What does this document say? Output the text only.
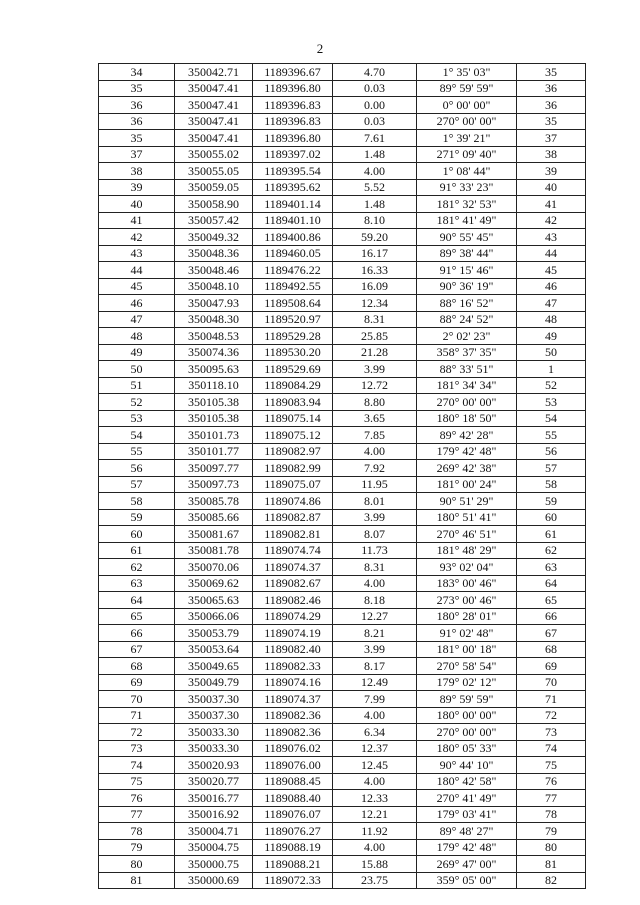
2
34	350042.71	1189396.67	4.70	1° 35' 03"	35
35	350047.41	1189396.80	0.03	89° 59' 59"	36
36	350047.41	1189396.83	0.00	0° 00' 00"	36
36	350047.41	1189396.83	0.03	270° 00' 00"	35
35	350047.41	1189396.80	7.61	1° 39' 21"	37
37	350055.02	1189397.02	1.48	271° 09' 40"	38
38	350055.05	1189395.54	4.00	1° 08' 44"	39
39	350059.05	1189395.62	5.52	91° 33' 23"	40
40	350058.90	1189401.14	1.48	181° 32' 53"	41
41	350057.42	1189401.10	8.10	181° 41' 49"	42
42	350049.32	1189400.86	59.20	90° 55' 45"	43
43	350048.36	1189460.05	16.17	89° 38' 44"	44
44	350048.46	1189476.22	16.33	91° 15' 46"	45
45	350048.10	1189492.55	16.09	90° 36' 19"	46
46	350047.93	1189508.64	12.34	88° 16' 52"	47
47	350048.30	1189520.97	8.31	88° 24' 52"	48
48	350048.53	1189529.28	25.85	2° 02' 23"	49
49	350074.36	1189530.20	21.28	358° 37' 35"	50
50	350095.63	1189529.69	3.99	88° 33' 51"	1
51	350118.10	1189084.29	12.72	181° 34' 34"	52
52	350105.38	1189083.94	8.80	270° 00' 00"	53
53	350105.38	1189075.14	3.65	180° 18' 50"	54
54	350101.73	1189075.12	7.85	89° 42' 28"	55
55	350101.77	1189082.97	4.00	179° 42' 48"	56
56	350097.77	1189082.99	7.92	269° 42' 38"	57
57	350097.73	1189075.07	11.95	181° 00' 24"	58
58	350085.78	1189074.86	8.01	90° 51' 29"	59
59	350085.66	1189082.87	3.99	180° 51' 41"	60
60	350081.67	1189082.81	8.07	270° 46' 51"	61
61	350081.78	1189074.74	11.73	181° 48' 29"	62
62	350070.06	1189074.37	8.31	93° 02' 04"	63
63	350069.62	1189082.67	4.00	183° 00' 46"	64
64	350065.63	1189082.46	8.18	273° 00' 46"	65
65	350066.06	1189074.29	12.27	180° 28' 01"	66
66	350053.79	1189074.19	8.21	91° 02' 48"	67
67	350053.64	1189082.40	3.99	181° 00' 18"	68
68	350049.65	1189082.33	8.17	270° 58' 54"	69
69	350049.79	1189074.16	12.49	179° 02' 12"	70
70	350037.30	1189074.37	7.99	89° 59' 59"	71
71	350037.30	1189082.36	4.00	180° 00' 00"	72
72	350033.30	1189082.36	6.34	270° 00' 00"	73
73	350033.30	1189076.02	12.37	180° 05' 33"	74
74	350020.93	1189076.00	12.45	90° 44' 10"	75
75	350020.77	1189088.45	4.00	180° 42' 58"	76
76	350016.77	1189088.40	12.33	270° 41' 49"	77
77	350016.92	1189076.07	12.21	179° 03' 41"	78
78	350004.71	1189076.27	11.92	89° 48' 27"	79
79	350004.75	1189088.19	4.00	179° 42' 48"	80
80	350000.75	1189088.21	15.88	269° 47' 00"	81
81	350000.69	1189072.33	23.75	359° 05' 00"	82
